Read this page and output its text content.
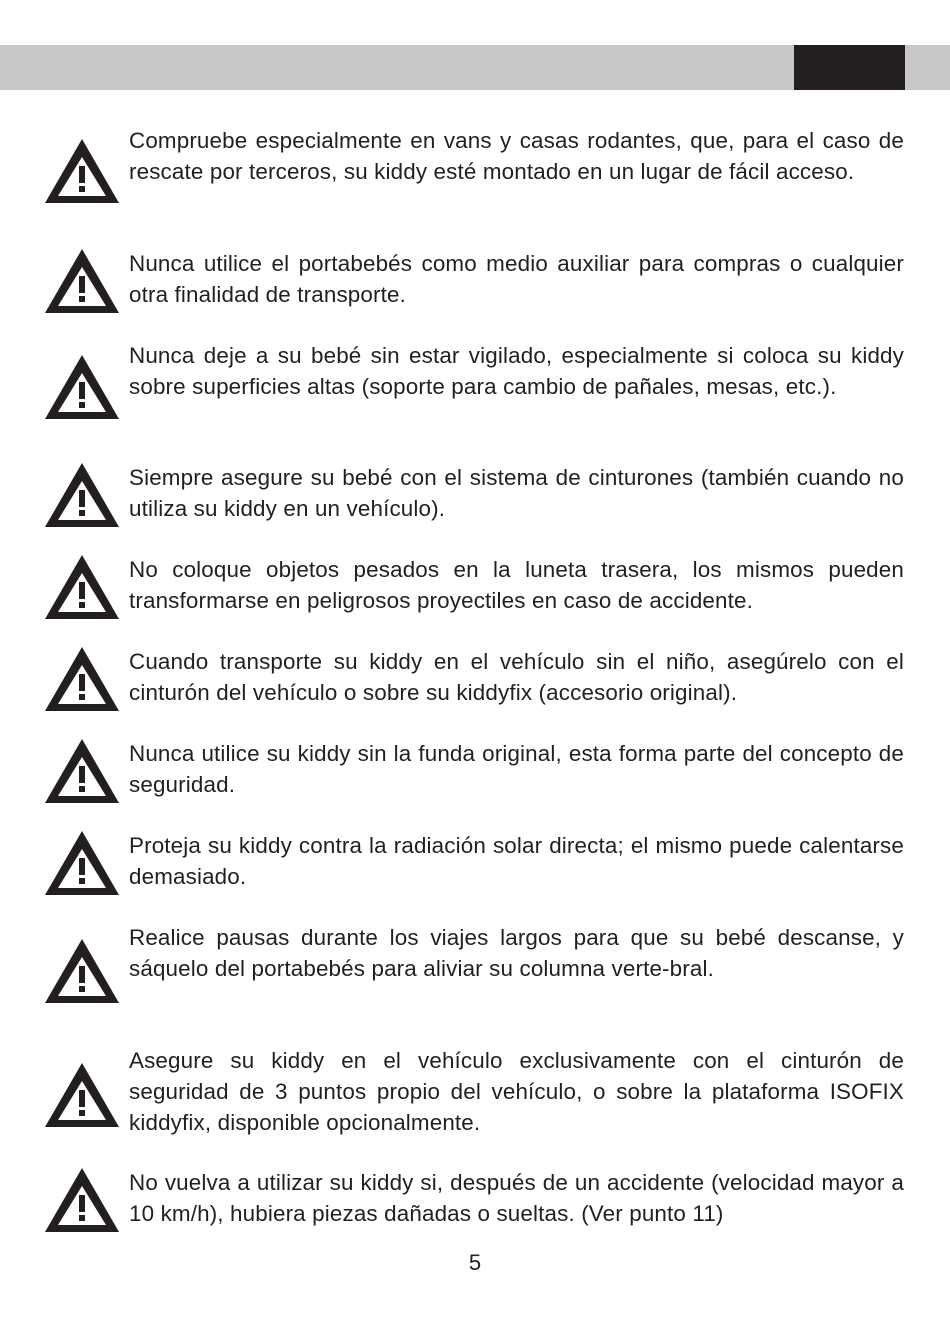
Compruebe especialmente en vans y casas rodantes, que, para el caso de rescate por terceros, su kiddy esté montado en un lugar de fácil acceso.

Nunca utilice el portabebés como medio auxiliar para compras o cualquier otra finalidad de transporte.

Nunca deje a su bebé sin estar vigilado, especialmente si coloca su kiddy sobre superficies altas (soporte para cambio de pañales, mesas, etc.).

Siempre asegure su bebé con el sistema de cinturones (también cuando no utiliza su kiddy en un vehículo).

No coloque objetos pesados en la luneta trasera, los mismos pueden transformarse en peligrosos proyectiles en caso de accidente.

Cuando transporte su kiddy en el vehículo sin el niño, asegúrelo con el cinturón del vehículo o sobre su kiddyfix (accesorio original).

Nunca utilice su kiddy sin la funda original, esta forma parte del concepto de seguridad.

Proteja su kiddy contra la radiación solar directa; el mismo puede calentarse demasiado.

Realice pausas durante los viajes largos para que su bebé descanse, y sáquelo del portabebés para aliviar su columna verte-bral.

Asegure su kiddy en el vehículo exclusivamente con el cinturón de seguridad de 3 puntos propio del vehículo, o sobre la plataforma ISOFIX kiddyfix, disponible opcionalmente.

No vuelva a utilizar su kiddy si, después de un accidente (velocidad mayor a 10 km/h), hubiera piezas dañadas o sueltas. (Ver punto 11)

5
